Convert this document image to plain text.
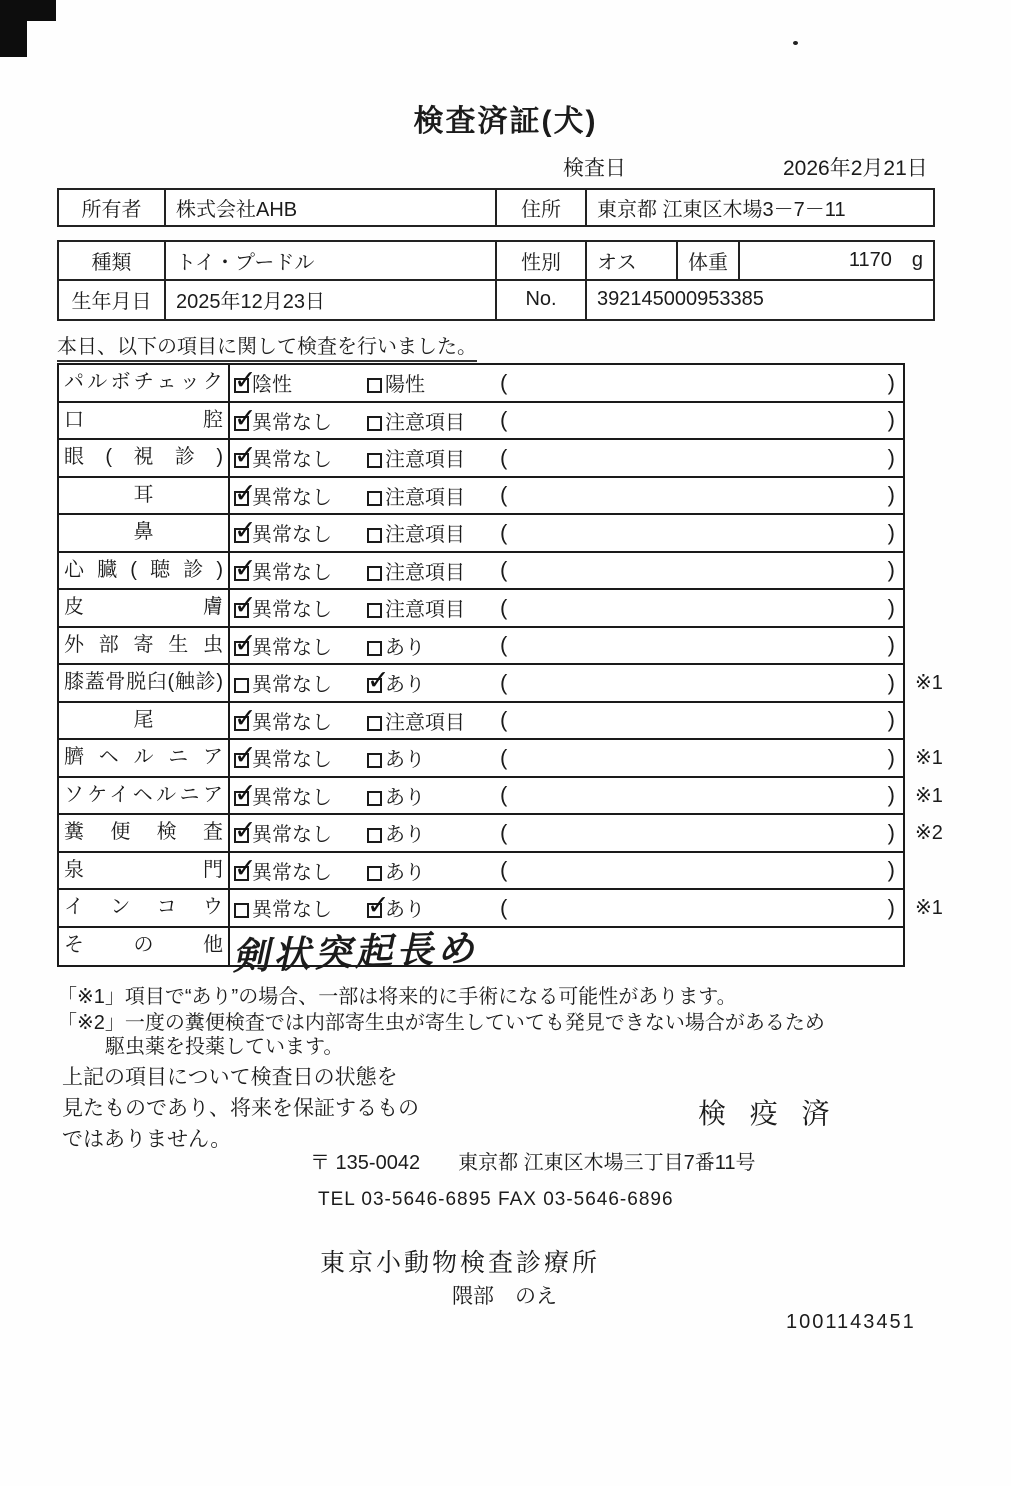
検査済証(犬)
検査日	2026年2月21日
所有者	株式会社AHB	住所	東京都 江東区木場3－7－11
種類	トイ・プードル	性別	オス	体重	1170 g
生年月日	2025年12月23日	No.	392145000953385
本日、以下の項目に関して検査を行いました。
パルボチェック ✓	陰性	陽性	(	)
口腔 ✓	異常なし	注意項目	(	)
眼(視診) ✓	異常なし	注意項目	(	)
耳 ✓	異常なし	注意項目	(	)
鼻 ✓	異常なし	注意項目	(	)
心臓(聴診) ✓	異常なし	注意項目	(	)
皮膚 ✓	異常なし	注意項目	(	)
外部寄生虫 ✓	異常なし	あり	(	)
膝蓋骨脱臼(触診)	異常なし ✓	あり	(	) ※1
尾 ✓	異常なし	注意項目	(	)
臍ヘルニア ✓	異常なし	あり	(	) ※1
ソケイヘルニア ✓	異常なし	あり	(	) ※1
糞便検査 ✓	異常なし	あり	(	) ※2
泉門 ✓	異常なし	あり	(	)
インコウ	異常なし ✓	あり	(	) ※1
その他 剣状突起長め
「※1」項目で“あり”の場合、一部は将来的に手術になる可能性があります。
「※2」一度の糞便検査では内部寄生虫が寄生していても発見できない場合があるため
駆虫薬を投薬しています。
上記の項目について検査日の状態を
見たものであり、将来を保証するもの
ではありません。
検 疫 済
〒 135-0042 東京都 江東区木場三丁目7番11号
TEL 03-5646-6895 FAX 03-5646-6896
東京小動物検査診療所
隈部　のえ
1001143451
